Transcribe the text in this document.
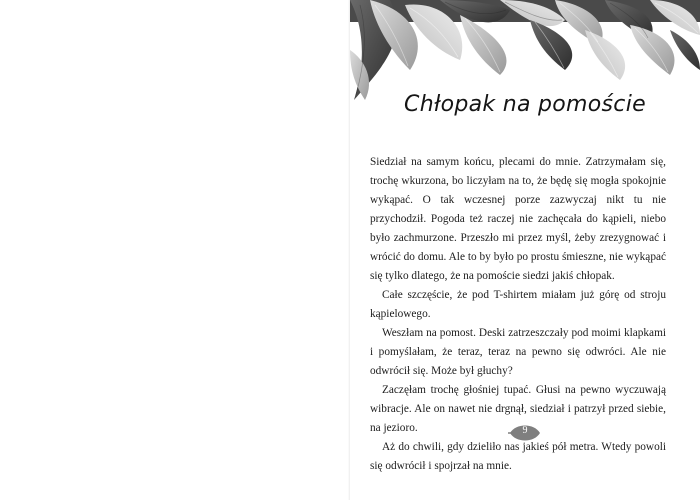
Chłopak na pomoście

Siedział na samym końcu, plecami do mnie. Zatrzymałam się, trochę wkurzona, bo liczyłam na to, że będę się mogła spokojnie wykąpać. O tak wczesnej porze zazwyczaj nikt tu nie przychodził. Pogoda też raczej nie zachęcała do kąpieli, niebo było zachmurzone. Przeszło mi przez myśl, żeby zrezygnować i wrócić do domu. Ale to by było po prostu śmieszne, nie wykąpać się tylko dlatego, że na pomoście siedzi jakiś chłopak.

Całe szczęście, że pod T-shirtem miałam już górę od stroju kąpielowego.

Weszłam na pomost. Deski zatrzeszczały pod moimi klapkami i pomyślałam, że teraz, teraz na pewno się odwróci. Ale nie odwrócił się. Może był głuchy?

Zaczęłam trochę głośniej tupać. Głusi na pewno wyczuwają wibracje. Ale on nawet nie drgnął, siedział i patrzył przed siebie, na jezioro.

Aż do chwili, gdy dzieliło nas jakieś pół metra. Wtedy powoli się odwrócił i spojrzał na mnie.

9
